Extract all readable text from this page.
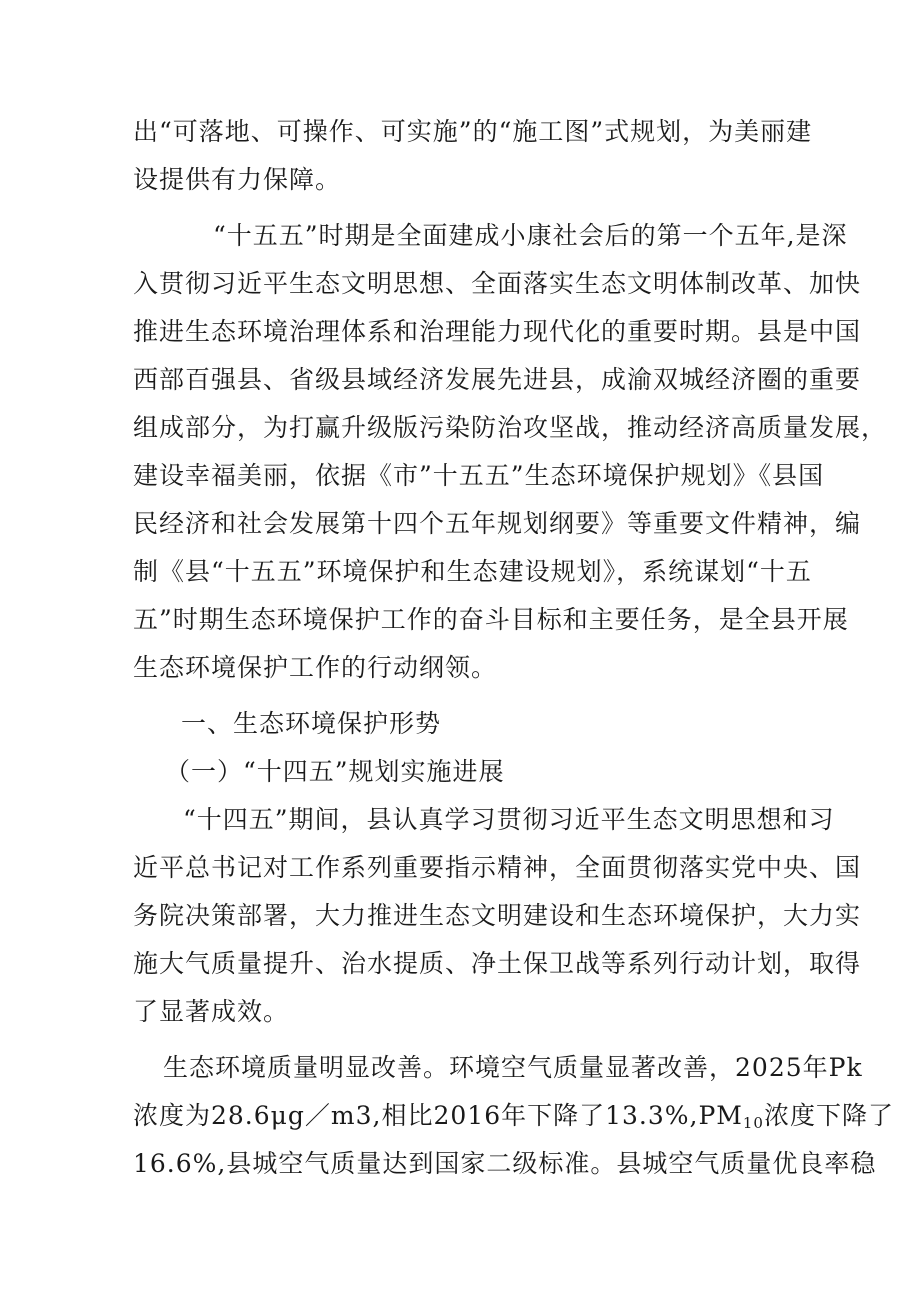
出“可落地、可操作、可实施”的“施工图”式规划，为美丽建
设提供有力保障。
“十五五”时期是全面建成小康社会后的第一个五年,是深
入贯彻习近平生态文明思想、全面落实生态文明体制改革、加快
推进生态环境治理体系和治理能力现代化的重要时期。县是中国
西部百强县、省级县域经济发展先进县，成渝双城经济圈的重要
组成部分，为打赢升级版污染防治攻坚战，推动经济高质量发展，
建设幸福美丽，依据《市”十五五”生态环境保护规划》《县国
民经济和社会发展第十四个五年规划纲要》等重要文件精神，编
制《县“十五五”环境保护和生态建设规划》，系统谋划“十五
五”时期生态环境保护工作的奋斗目标和主要任务，是全县开展
生态环境保护工作的行动纲领。
一、生态环境保护形势
（一）“十四五”规划实施进展
“十四五”期间，县认真学习贯彻习近平生态文明思想和习
近平总书记对工作系列重要指示精神，全面贯彻落实党中央、国
务院决策部署，大力推进生态文明建设和生态环境保护，大力实
施大气质量提升、治水提质、净土保卫战等系列行动计划，取得
了显著成效。
生态环境质量明显改善。环境空气质量显著改善，2025年Pk
浓度为28.6μg／m3,相比2016年下降了$13.3\%,PM_{10}$浓度下降了
16.6%,县城空气质量达到国家二级标准。县城空气质量优良率稳
